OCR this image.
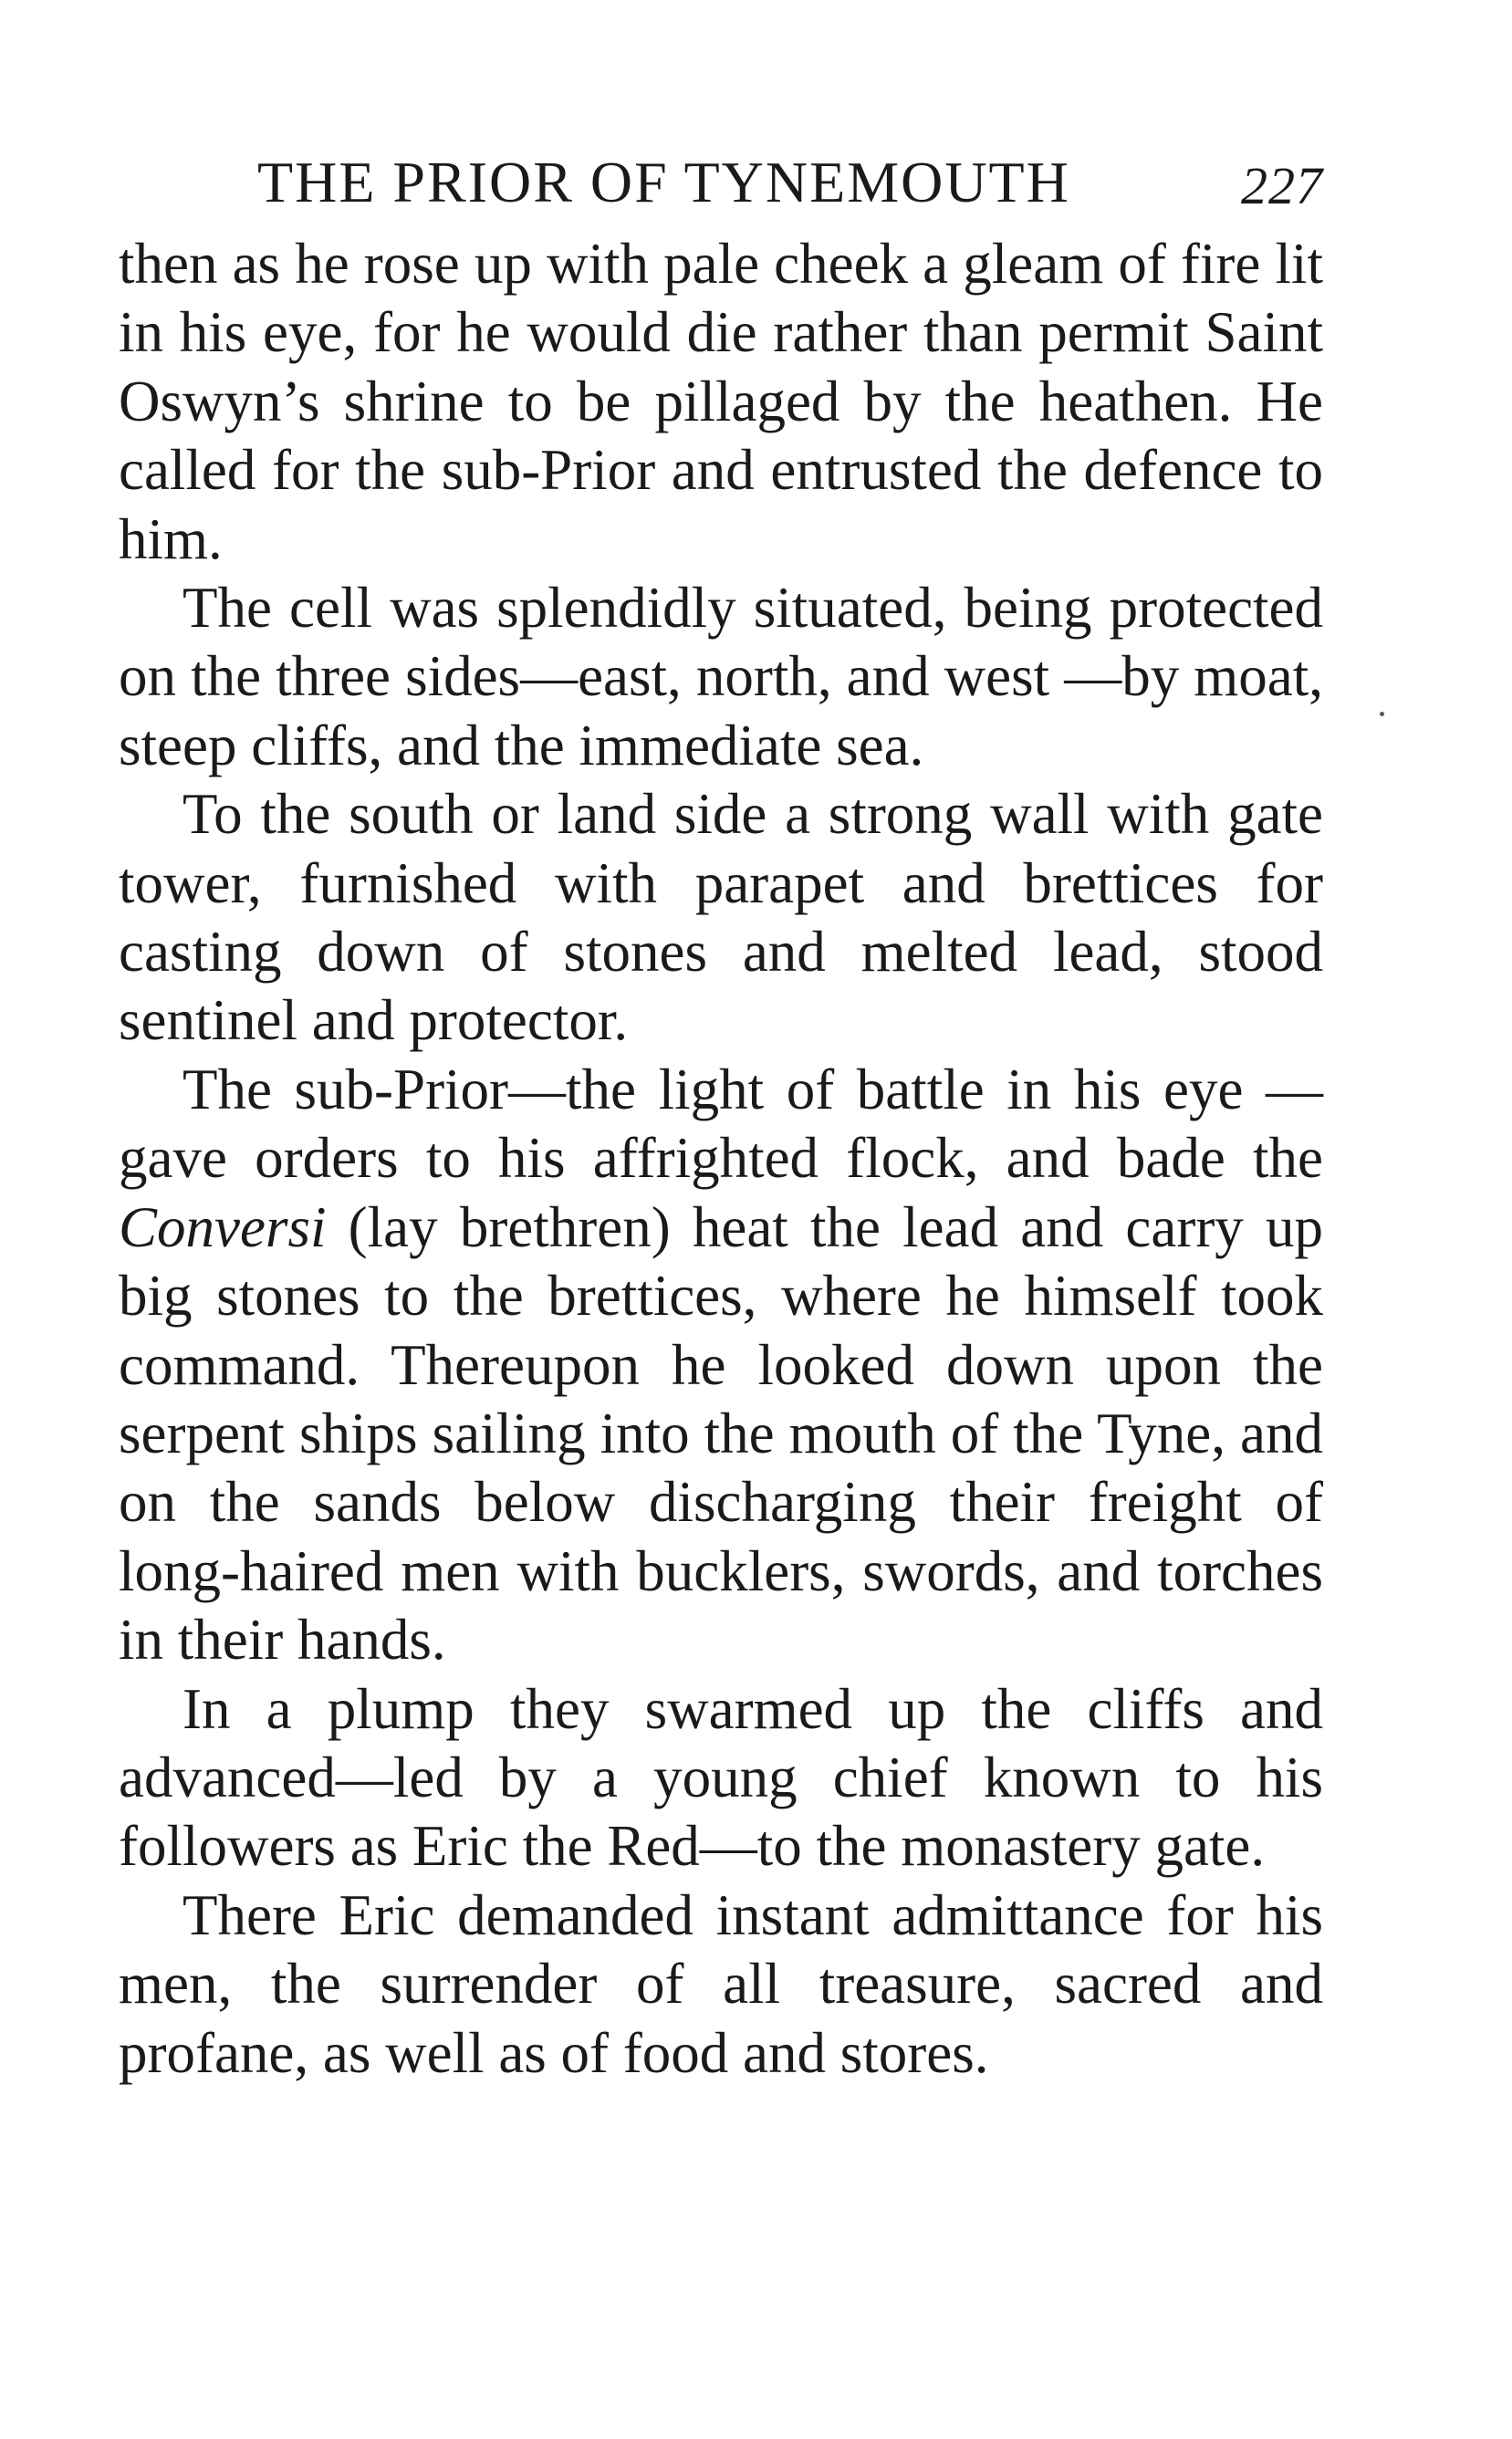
THE PRIOR OF TYNEMOUTH	227

then as he rose up with pale cheek a gleam of fire lit in his eye, for he would die rather than permit Saint Oswyn’s shrine to be pillaged by the heathen. He called for the sub-Prior and entrusted the defence to him.

The cell was splendidly situated, being protected on the three sides—east, north, and west —by moat, steep cliffs, and the immediate sea.

To the south or land side a strong wall with gate tower, furnished with parapet and brettices for casting down of stones and melted lead, stood sentinel and protector.

The sub-Prior—the light of battle in his eye —gave orders to his affrighted flock, and bade the Conversi (lay brethren) heat the lead and carry up big stones to the brettices, where he himself took command. Thereupon he looked down upon the serpent ships sailing into the mouth of the Tyne, and on the sands below discharging their freight of long-haired men with bucklers, swords, and torches in their hands.

In a plump they swarmed up the cliffs and advanced—led by a young chief known to his followers as Eric the Red—to the monastery gate.

There Eric demanded instant admittance for his men, the surrender of all treasure, sacred and profane, as well as of food and stores.
